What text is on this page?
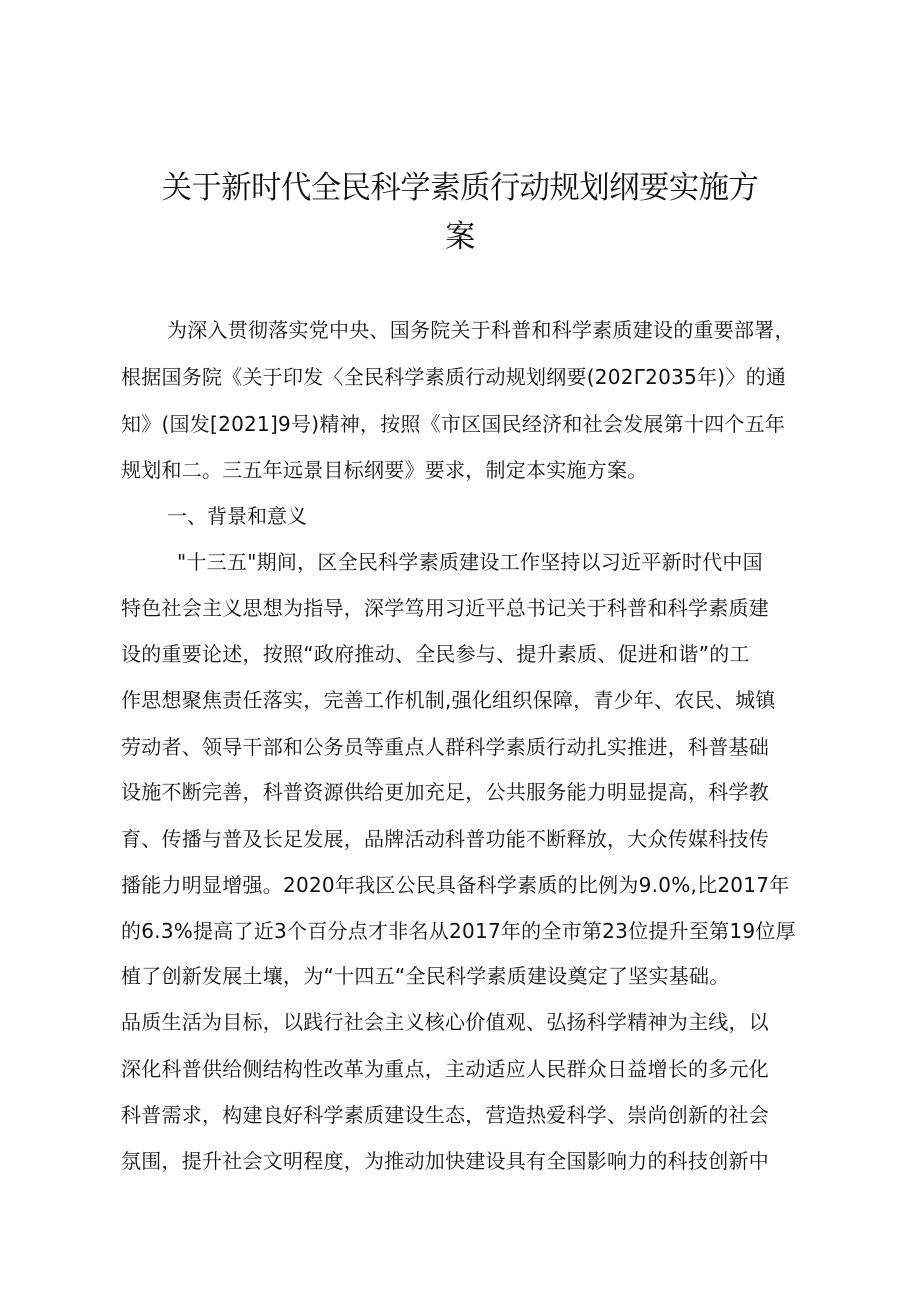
关于新时代全民科学素质行动规划纲要实施方
案
为深入贯彻落实党中央、国务院关于科普和科学素质建设的重要部署，
根据国务院《关于印发〈全民科学素质行动规划纲要(202Γ2035年)〉的通
知》(国发[2021]9号)精神，按照《市区国民经济和社会发展第十四个五年
规划和二。三五年远景目标纲要》要求，制定本实施方案。
一、背景和意义
"十三五"期间，区全民科学素质建设工作坚持以习近平新时代中国
特色社会主义思想为指导，深学笃用习近平总书记关于科普和科学素质建
设的重要论述，按照“政府推动、全民参与、提升素质、促进和谐”的工
作思想聚焦责任落实，完善工作机制,强化组织保障，青少年、农民、城镇
劳动者、领导干部和公务员等重点人群科学素质行动扎实推进，科普基础
设施不断完善，科普资源供给更加充足，公共服务能力明显提高，科学教
育、传播与普及长足发展，品牌活动科普功能不断释放，大众传媒科技传
播能力明显增强。2020年我区公民具备科学素质的比例为9.0%,比2017年
的6.3%提高了近3个百分点才非名从2017年的全市第23位提升至第19位厚
植了创新发展土壤，为“十四五“全民科学素质建设奠定了坚实基础。
品质生活为目标，以践行社会主义核心价值观、弘扬科学精神为主线，以
深化科普供给侧结构性改革为重点，主动适应人民群众日益增长的多元化
科普需求，构建良好科学素质建设生态，营造热爱科学、崇尚创新的社会
氛围，提升社会文明程度，为推动加快建设具有全国影响力的科技创新中
